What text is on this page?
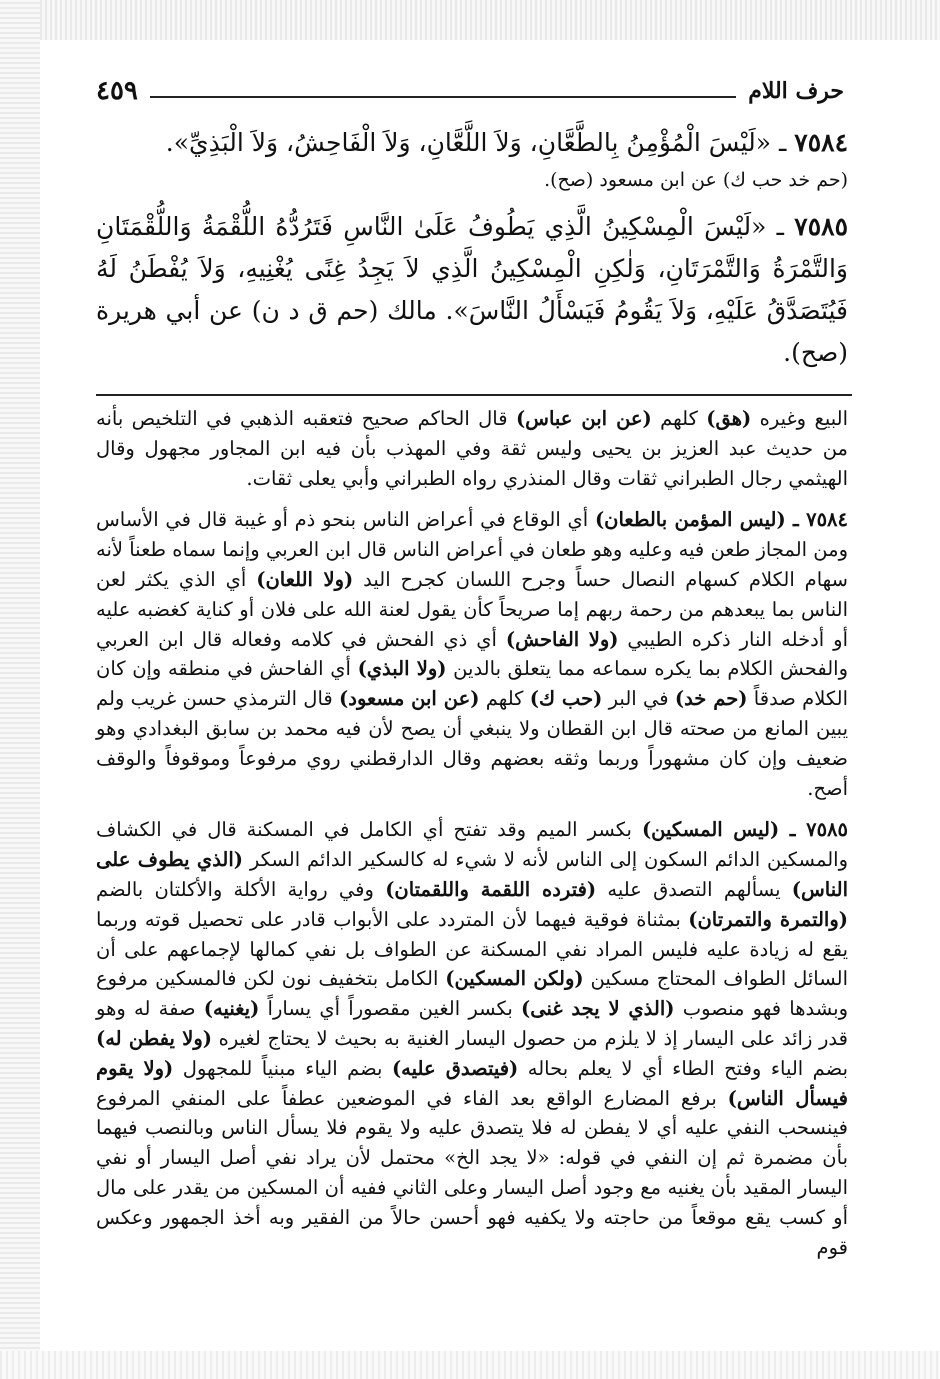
حرف اللام
٤٥٩

٧٥٨٤ ـ «لَيْسَ الْمُؤْمِنُ بِالطَّعَّانِ، وَلاَ اللَّعَّانِ، وَلاَ الْفَاحِشُ، وَلاَ الْبَذِيِّ».
(حم خد حب ك) عن ابن مسعود (صح).

٧٥٨٥ ـ «لَيْسَ الْمِسْكِينُ الَّذِي يَطُوفُ عَلَىٰ النَّاسِ فَتَرُدُّهُ اللُّقْمَةُ وَاللُّقْمَتَانِ وَالتَّمْرَةُ وَالتَّمْرَتَانِ، وَلٰكِنِ الْمِسْكِينُ الَّذِي لاَ يَجِدُ غِنًى يُغْنِيهِ، وَلاَ يُفْطَنُ لَهُ فَيُتَصَدَّقُ عَلَيْهِ، وَلاَ يَقُومُ فَيَسْأَلُ النَّاسَ». مالك (حم ق د ن) عن أبي هريرة (صح).

البيع وغيره (هق) كلهم (عن ابن عباس) قال الحاكم صحيح فتعقبه الذهبي في التلخيص بأنه من حديث عبد العزيز بن يحيى وليس ثقة وفي المهذب بأن فيه ابن المجاور مجهول وقال الهيثمي رجال الطبراني ثقات وقال المنذري رواه الطبراني وأبي يعلى ثقات.

٧٥٨٤ ـ (ليس المؤمن بالطعان) أي الوقاع في أعراض الناس بنحو ذم أو غيبة قال في الأساس ومن المجاز طعن فيه وعليه وهو طعان في أعراض الناس قال ابن العربي وإنما سماه طعناً لأنه سهام الكلام كسهام النصال حساً وجرح اللسان كجرح اليد (ولا اللعان) أي الذي يكثر لعن الناس بما يبعدهم من رحمة ربهم إما صريحاً كأن يقول لعنة الله على فلان أو كناية كغضبه عليه أو أدخله النار ذكره الطيبي (ولا الفاحش) أي ذي الفحش في كلامه وفعاله قال ابن العربي والفحش الكلام بما يكره سماعه مما يتعلق بالدين (ولا البذي) أي الفاحش في منطقه وإن كان الكلام صدقاً (حم خد) في البر (حب ك) كلهم (عن ابن مسعود) قال الترمذي حسن غريب ولم يبين المانع من صحته قال ابن القطان ولا ينبغي أن يصح لأن فيه محمد بن سابق البغدادي وهو ضعيف وإن كان مشهوراً وربما وثقه بعضهم وقال الدارقطني روي مرفوعاً وموقوفاً والوقف أصح.

٧٥٨٥ ـ (ليس المسكين) بكسر الميم وقد تفتح أي الكامل في المسكنة قال في الكشاف والمسكين الدائم السكون إلى الناس لأنه لا شيء له كالسكير الدائم السكر (الذي يطوف على الناس) يسألهم التصدق عليه (فترده اللقمة واللقمتان) وفي رواية الأكلة والأكلتان بالضم (والتمرة والتمرتان) بمثناة فوقية فيهما لأن المتردد على الأبواب قادر على تحصيل قوته وربما يقع له زيادة عليه فليس المراد نفي المسكنة عن الطواف بل نفي كمالها لإجماعهم على أن السائل الطواف المحتاج مسكين (ولكن المسكين) الكامل بتخفيف نون لكن فالمسكين مرفوع وبشدها فهو منصوب (الذي لا يجد غنى) بكسر الغين مقصوراً أي يساراً (يغنيه) صفة له وهو قدر زائد على اليسار إذ لا يلزم من حصول اليسار الغنية به بحيث لا يحتاج لغيره (ولا يفطن له) بضم الياء وفتح الطاء أي لا يعلم بحاله (فيتصدق عليه) بضم الياء مبنياً للمجهول (ولا يقوم فيسأل الناس) برفع المضارع الواقع بعد الفاء في الموضعين عطفاً على المنفي المرفوع فينسحب النفي عليه أي لا يفطن له فلا يتصدق عليه ولا يقوم فلا يسأل الناس وبالنصب فيهما بأن مضمرة ثم إن النفي في قوله: «لا يجد الخ» محتمل لأن يراد نفي أصل اليسار أو نفي اليسار المقيد بأن يغنيه مع وجود أصل اليسار وعلى الثاني ففيه أن المسكين من يقدر على مال أو كسب يقع موقعاً من حاجته ولا يكفيه فهو أحسن حالاً من الفقير وبه أخذ الجمهور وعكس قوم
